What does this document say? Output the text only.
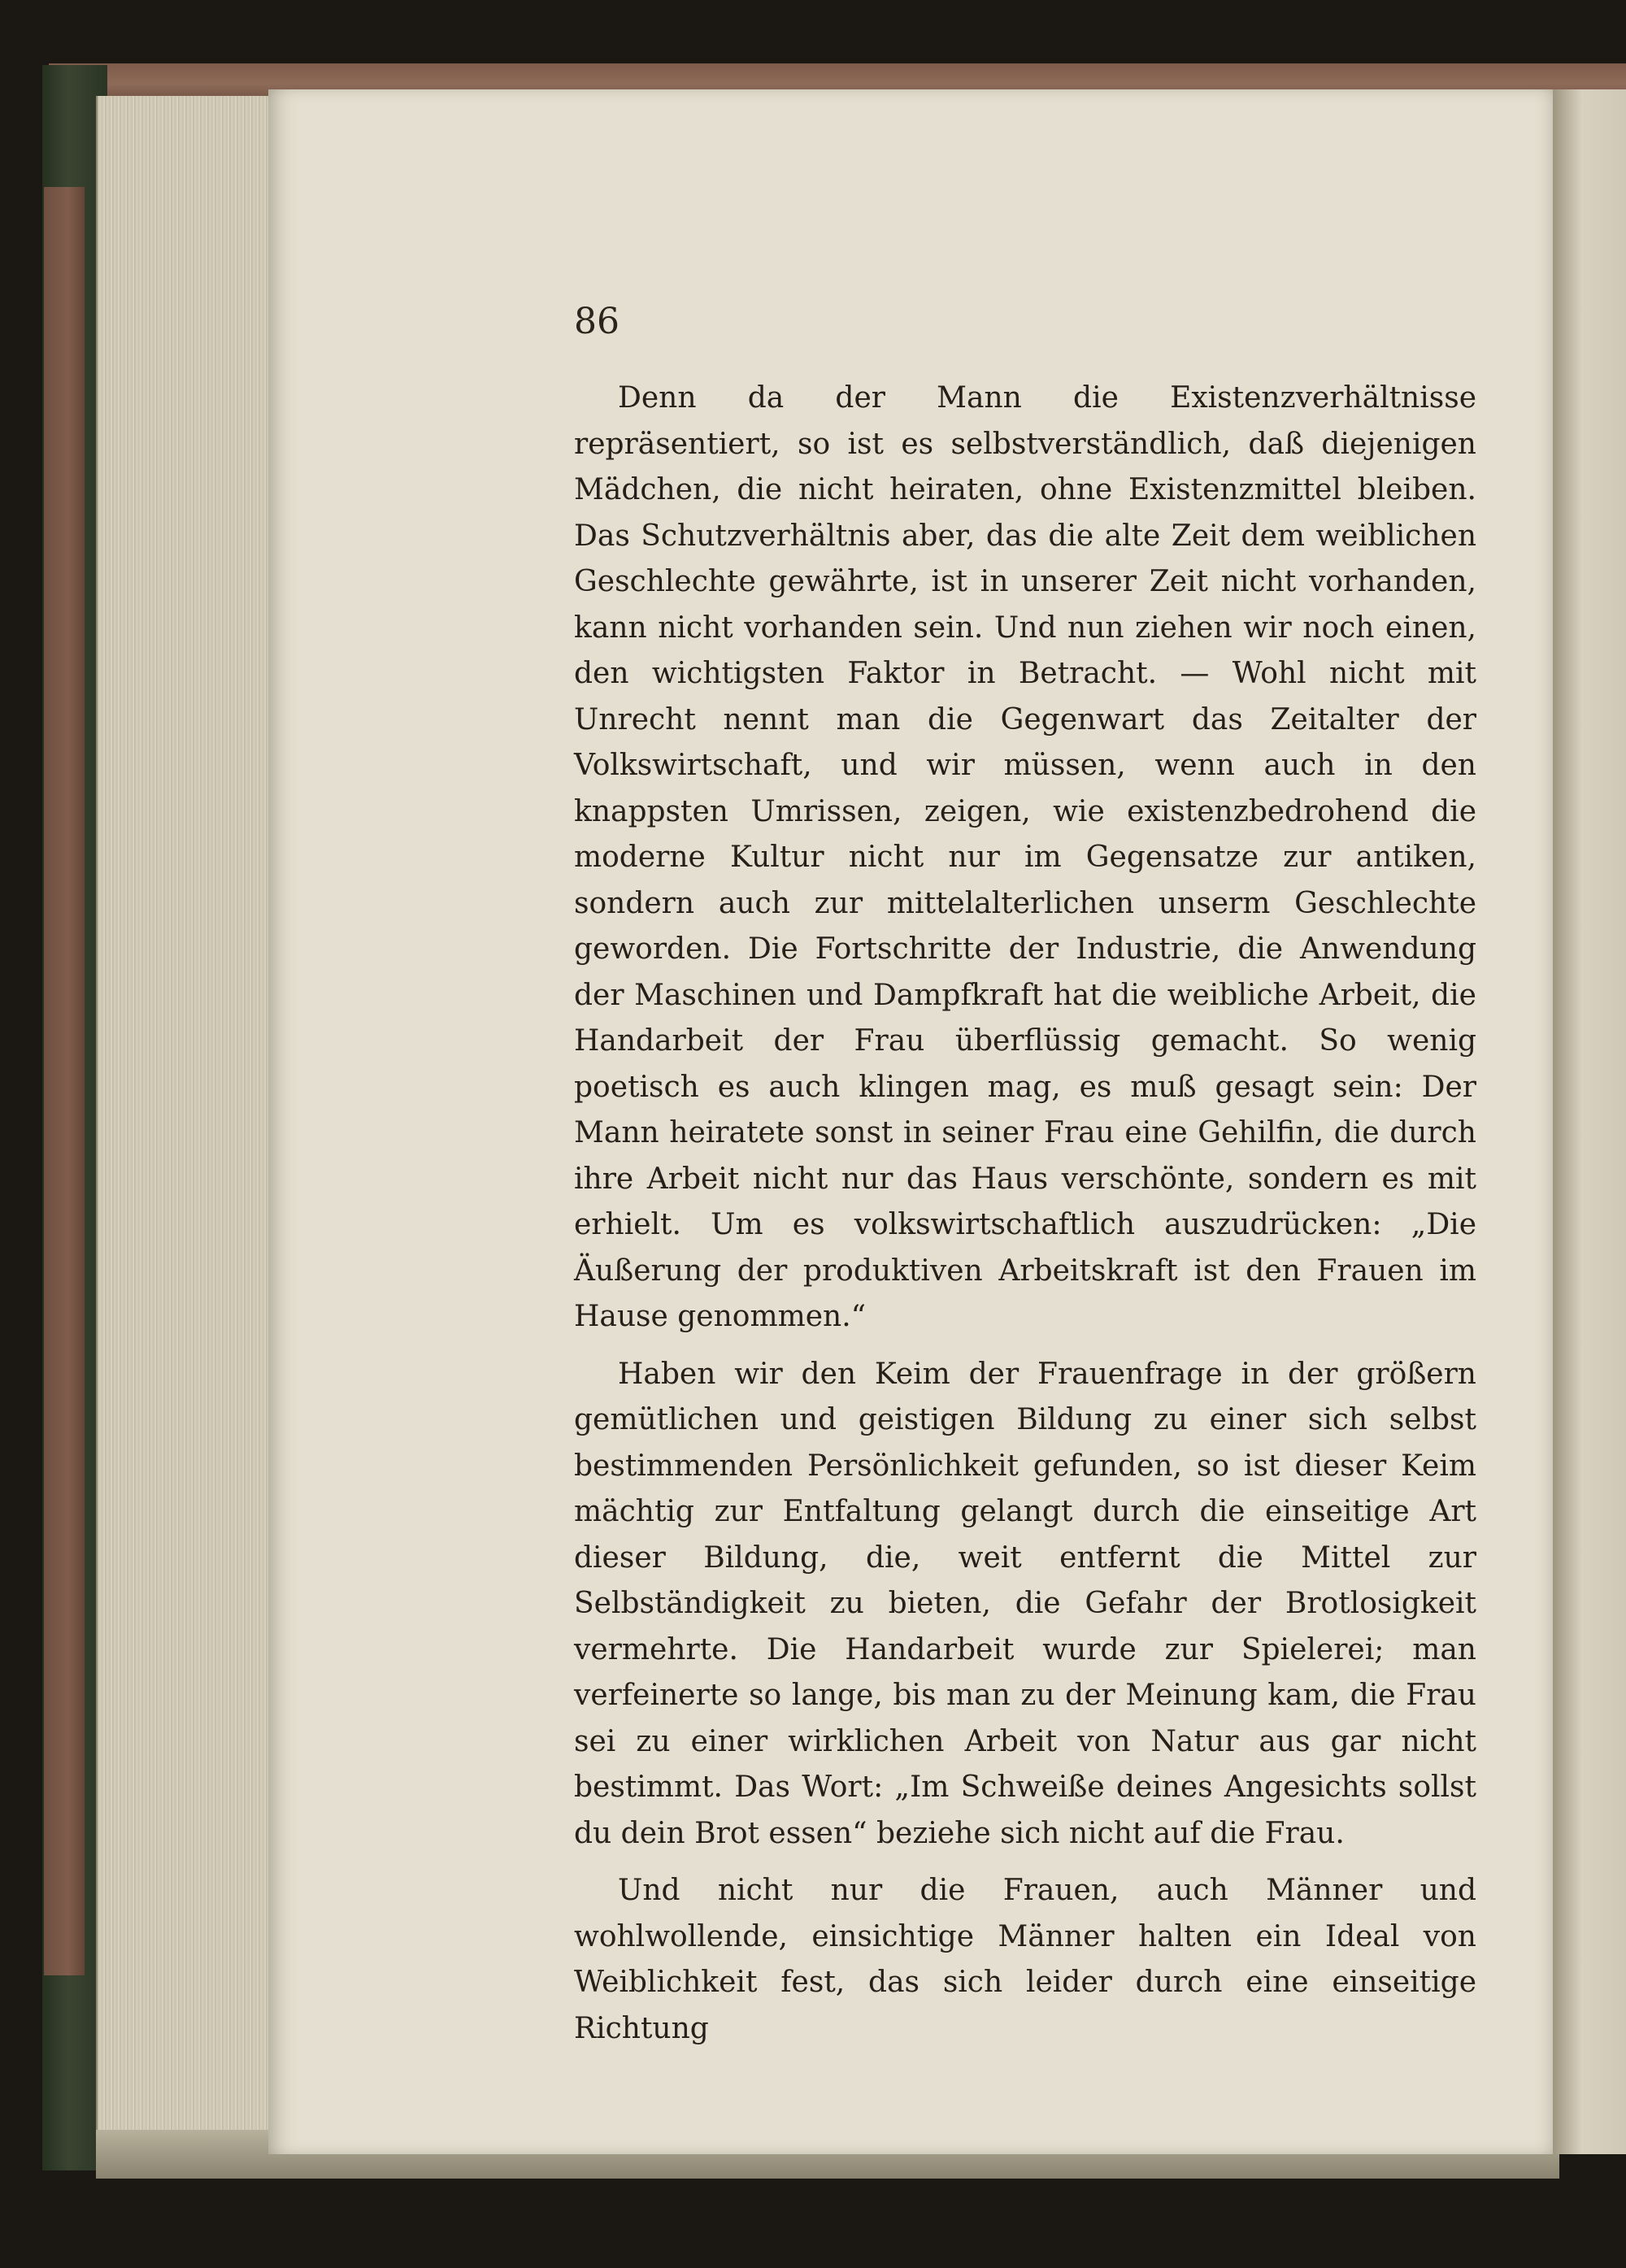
86

Denn da der Mann die Existenzverhältnisse repräsentiert, so ist es selbstverständlich, daß diejenigen Mädchen, die nicht heiraten, ohne Existenzmittel bleiben. Das Schutzverhältnis aber, das die alte Zeit dem weiblichen Geschlechte gewährte, ist in unserer Zeit nicht vorhanden, kann nicht vorhanden sein. Und nun ziehen wir noch einen, den wichtigsten Faktor in Betracht. — Wohl nicht mit Unrecht nennt man die Gegenwart das Zeitalter der Volkswirtschaft, und wir müssen, wenn auch in den knappsten Umrissen, zeigen, wie existenzbedrohend die moderne Kultur nicht nur im Gegensatze zur antiken, sondern auch zur mittelalterlichen unserm Geschlechte geworden. Die Fortschritte der Industrie, die Anwendung der Maschinen und Dampfkraft hat die weibliche Arbeit, die Handarbeit der Frau überflüssig gemacht. So wenig poetisch es auch klingen mag, es muß gesagt sein: Der Mann heiratete sonst in seiner Frau eine Gehilfin, die durch ihre Arbeit nicht nur das Haus verschönte, sondern es mit erhielt. Um es volkswirtschaftlich auszudrücken: „Die Äußerung der produktiven Arbeitskraft ist den Frauen im Hause genommen.“

Haben wir den Keim der Frauenfrage in der größern gemütlichen und geistigen Bildung zu einer sich selbst bestimmenden Persönlichkeit gefunden, so ist dieser Keim mächtig zur Entfaltung gelangt durch die einseitige Art dieser Bildung, die, weit entfernt die Mittel zur Selbständigkeit zu bieten, die Gefahr der Brotlosigkeit vermehrte. Die Handarbeit wurde zur Spielerei; man verfeinerte so lange, bis man zu der Meinung kam, die Frau sei zu einer wirklichen Arbeit von Natur aus gar nicht bestimmt. Das Wort: „Im Schweiße deines Angesichts sollst du dein Brot essen“ beziehe sich nicht auf die Frau.

Und nicht nur die Frauen, auch Männer und wohlwollende, einsichtige Männer halten ein Ideal von Weiblichkeit fest, das sich leider durch eine einseitige Richtung
